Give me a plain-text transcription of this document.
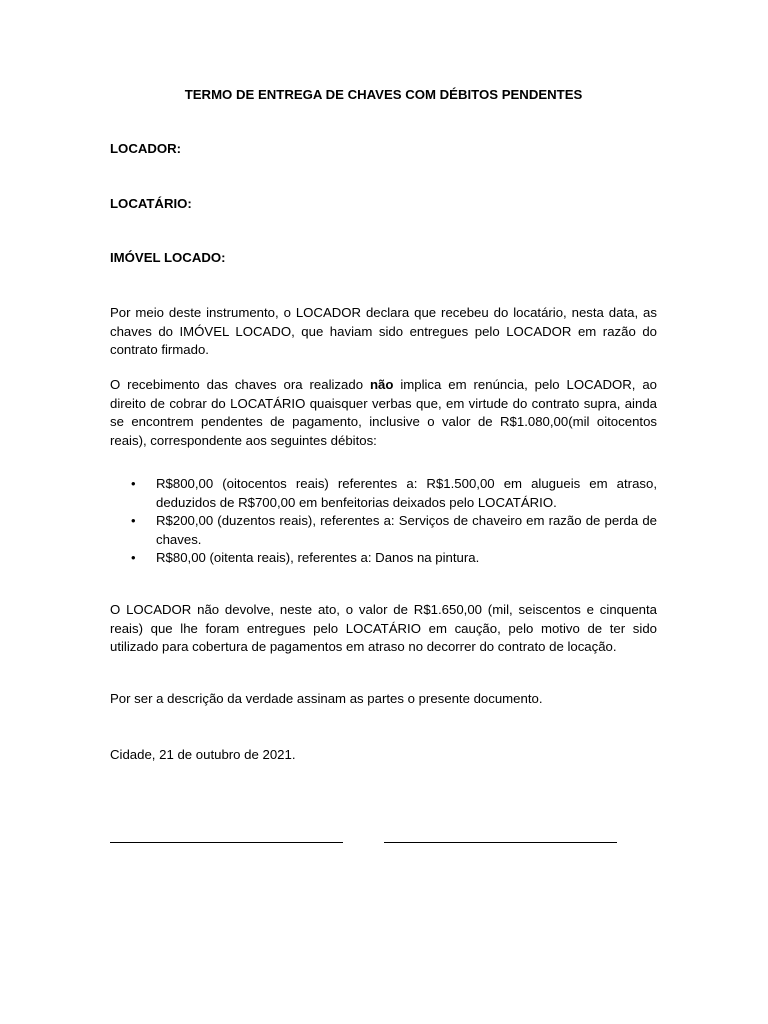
TERMO DE ENTREGA DE CHAVES COM DÉBITOS PENDENTES
LOCADOR:
LOCATÁRIO:
IMÓVEL LOCADO:
Por meio deste instrumento, o LOCADOR declara que recebeu do locatário, nesta data, as chaves do IMÓVEL LOCADO, que haviam sido entregues pelo LOCADOR em razão do contrato firmado.
O recebimento das chaves ora realizado não implica em renúncia, pelo LOCADOR, ao direito de cobrar do LOCATÁRIO quaisquer verbas que, em virtude do contrato supra, ainda se encontrem pendentes de pagamento, inclusive o valor de R$1.080,00(mil oitocentos reais), correspondente aos seguintes débitos:
• R$800,00 (oitocentos reais) referentes a: R$1.500,00 em alugueis em atraso, deduzidos de R$700,00 em benfeitorias deixados pelo LOCATÁRIO.
• R$200,00 (duzentos reais), referentes a: Serviços de chaveiro em razão de perda de chaves.
• R$80,00 (oitenta reais), referentes a: Danos na pintura.
O LOCADOR não devolve, neste ato, o valor de R$1.650,00 (mil, seiscentos e cinquenta reais) que lhe foram entregues pelo LOCATÁRIO em caução, pelo motivo de ter sido utilizado para cobertura de pagamentos em atraso no decorrer do contrato de locação.
Por ser a descrição da verdade assinam as partes o presente documento.
Cidade, 21 de outubro de 2021.
